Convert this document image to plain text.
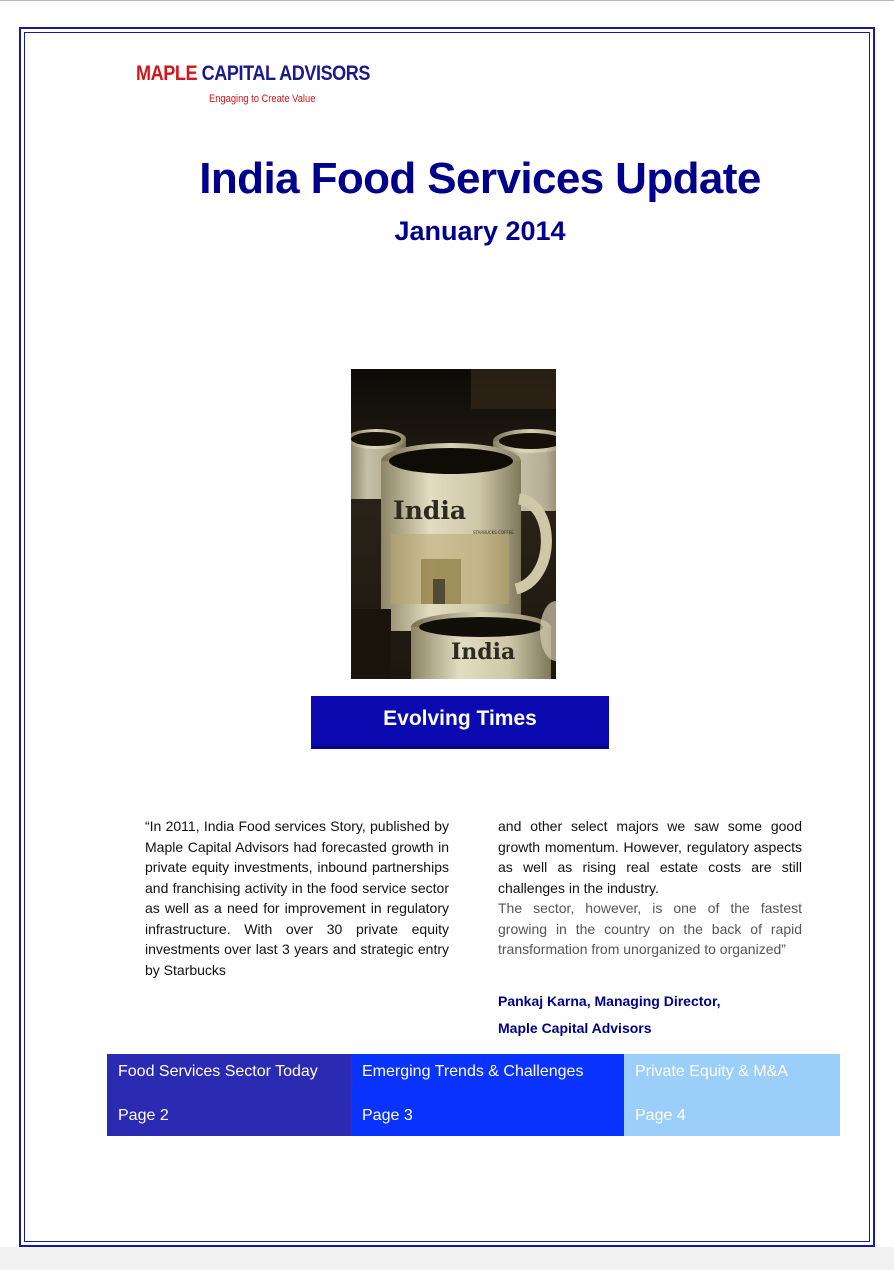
MAPLE CAPITAL ADVISORS
Engaging to Create Value
India Food Services Update
January 2014
India
STARBUCKS COFFEE
India
Evolving Times

“In 2011, India Food services Story, published by Maple Capital Advisors had forecasted growth in private equity investments, inbound partnerships and franchising activity in the food service sector as well as a need for improvement in regulatory infrastructure. With over 30 private equity investments over last 3 years and strategic entry by Starbucks

and other select majors we saw some good growth momentum. However, regulatory aspects as well as rising real estate costs are still challenges in the industry.

The sector, however, is one of the fastest growing in the country on the back of rapid transformation from unorganized to organized”

Pankaj Karna, Managing Director,
Maple Capital Advisors
Food Services Sector Today
Page 2
Emerging Trends & Challenges
Page 3
Private Equity & M&A
Page 4
